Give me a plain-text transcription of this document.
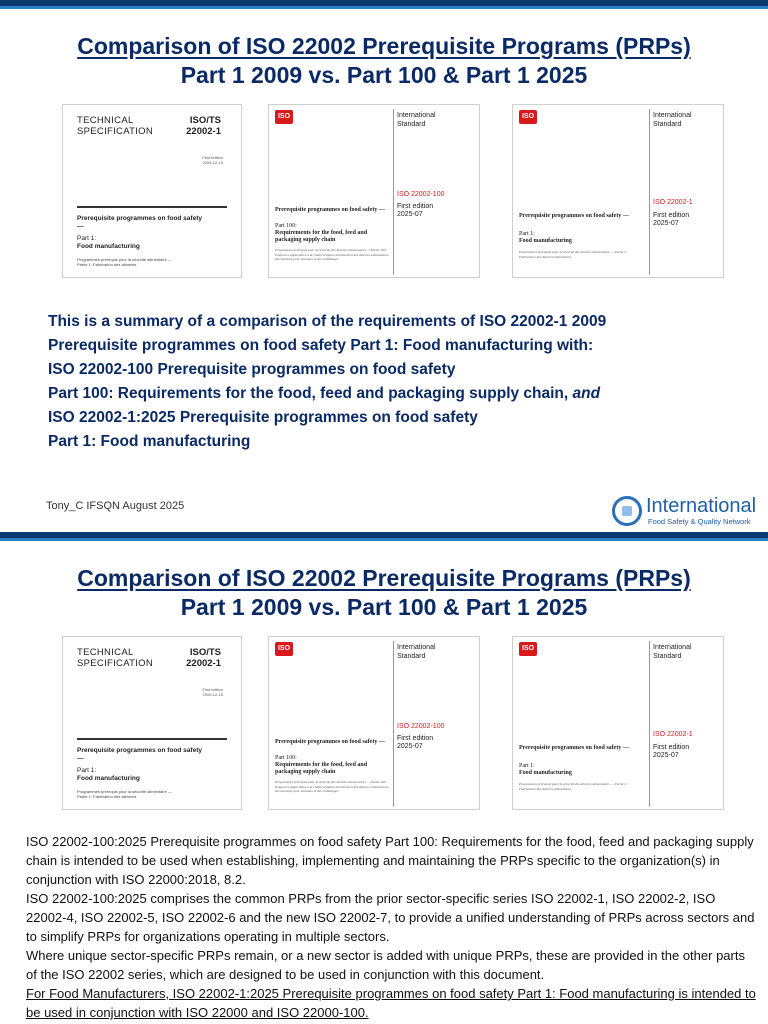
Comparison of ISO 22002 Prerequisite Programs (PRPs)
Part 1 2009 vs. Part 100 & Part 1 2025
TECHNICAL
SPECIFICATION
ISO/TS
22002-1
First edition
2009-12-15
Prerequisite programmes on food safety —
Part 1:
Food manufacturing
Programmes prérequis pour la sécurité alimentaire —
Partie 1: Fabrication des aliments
ISO	International
Standard
ISO 22002-100
First edition
2025-07
Prerequisite programmes on food safety —
Part 100:
Requirements for the food, feed and packaging supply chain
Programmes prérequis pour la sécurité des denrées alimentaires — Partie 100: Exigences applicables à la chaîne d'approvisionnement des denrées alimentaires, des aliments pour animaux et des emballages
ISO	International
Standard
ISO 22002-1
First edition
2025-07
Prerequisite programmes on food safety —
Part 1:
Food manufacturing
Programmes prérequis pour la sécurité des denrées alimentaires — Partie 1: Fabrication des denrées alimentaires
This is a summary of a comparison of the requirements of ISO 22002-1 2009
Prerequisite programmes on food safety Part 1: Food manufacturing with:
ISO 22002-100 Prerequisite programmes on food safety
Part 100: Requirements for the food, feed and packaging supply chain, and
ISO 22002-1:2025 Prerequisite programmes on food safety
Part 1: Food manufacturing
Tony_C IFSQN August 2025	International
Food Safety & Quality Network
Comparison of ISO 22002 Prerequisite Programs (PRPs)
Part 1 2009 vs. Part 100 & Part 1 2025
TECHNICAL
SPECIFICATION
ISO/TS
22002-1
First edition
2009-12-15
Prerequisite programmes on food safety —
Part 1:
Food manufacturing
Programmes prérequis pour la sécurité alimentaire —
Partie 1: Fabrication des aliments
ISO	International
Standard
ISO 22002-100
First edition
2025-07
Prerequisite programmes on food safety —
Part 100:
Requirements for the food, feed and packaging supply chain
Programmes prérequis pour la sécurité des denrées alimentaires — Partie 100: Exigences applicables à la chaîne d'approvisionnement des denrées alimentaires, des aliments pour animaux et des emballages
ISO	International
Standard
ISO 22002-1
First edition
2025-07
Prerequisite programmes on food safety —
Part 1:
Food manufacturing
Programmes prérequis pour la sécurité des denrées alimentaires — Partie 1: Fabrication des denrées alimentaires

ISO 22002-100:2025 Prerequisite programmes on food safety Part 100: Requirements for the food, feed and packaging supply chain is intended to be used when establishing, implementing and maintaining the PRPs specific to the organization(s) in conjunction with ISO 22000:2018, 8.2.

ISO 22002-100:2025 comprises the common PRPs from the prior sector-specific series ISO 22002-1, ISO 22002-2, ISO 22002-4, ISO 22002-5, ISO 22002-6 and the new ISO 22002-7, to provide a unified understanding of PRPs across sectors and to simplify PRPs for organizations operating in multiple sectors.

Where unique sector-specific PRPs remain, or a new sector is added with unique PRPs, these are provided in the other parts of the ISO 22002 series, which are designed to be used in conjunction with this document.

For Food Manufacturers, ISO 22002-1:2025 Prerequisite programmes on food safety Part 1: Food manufacturing is intended to be used in conjunction with ISO 22000 and ISO 22000-100.
